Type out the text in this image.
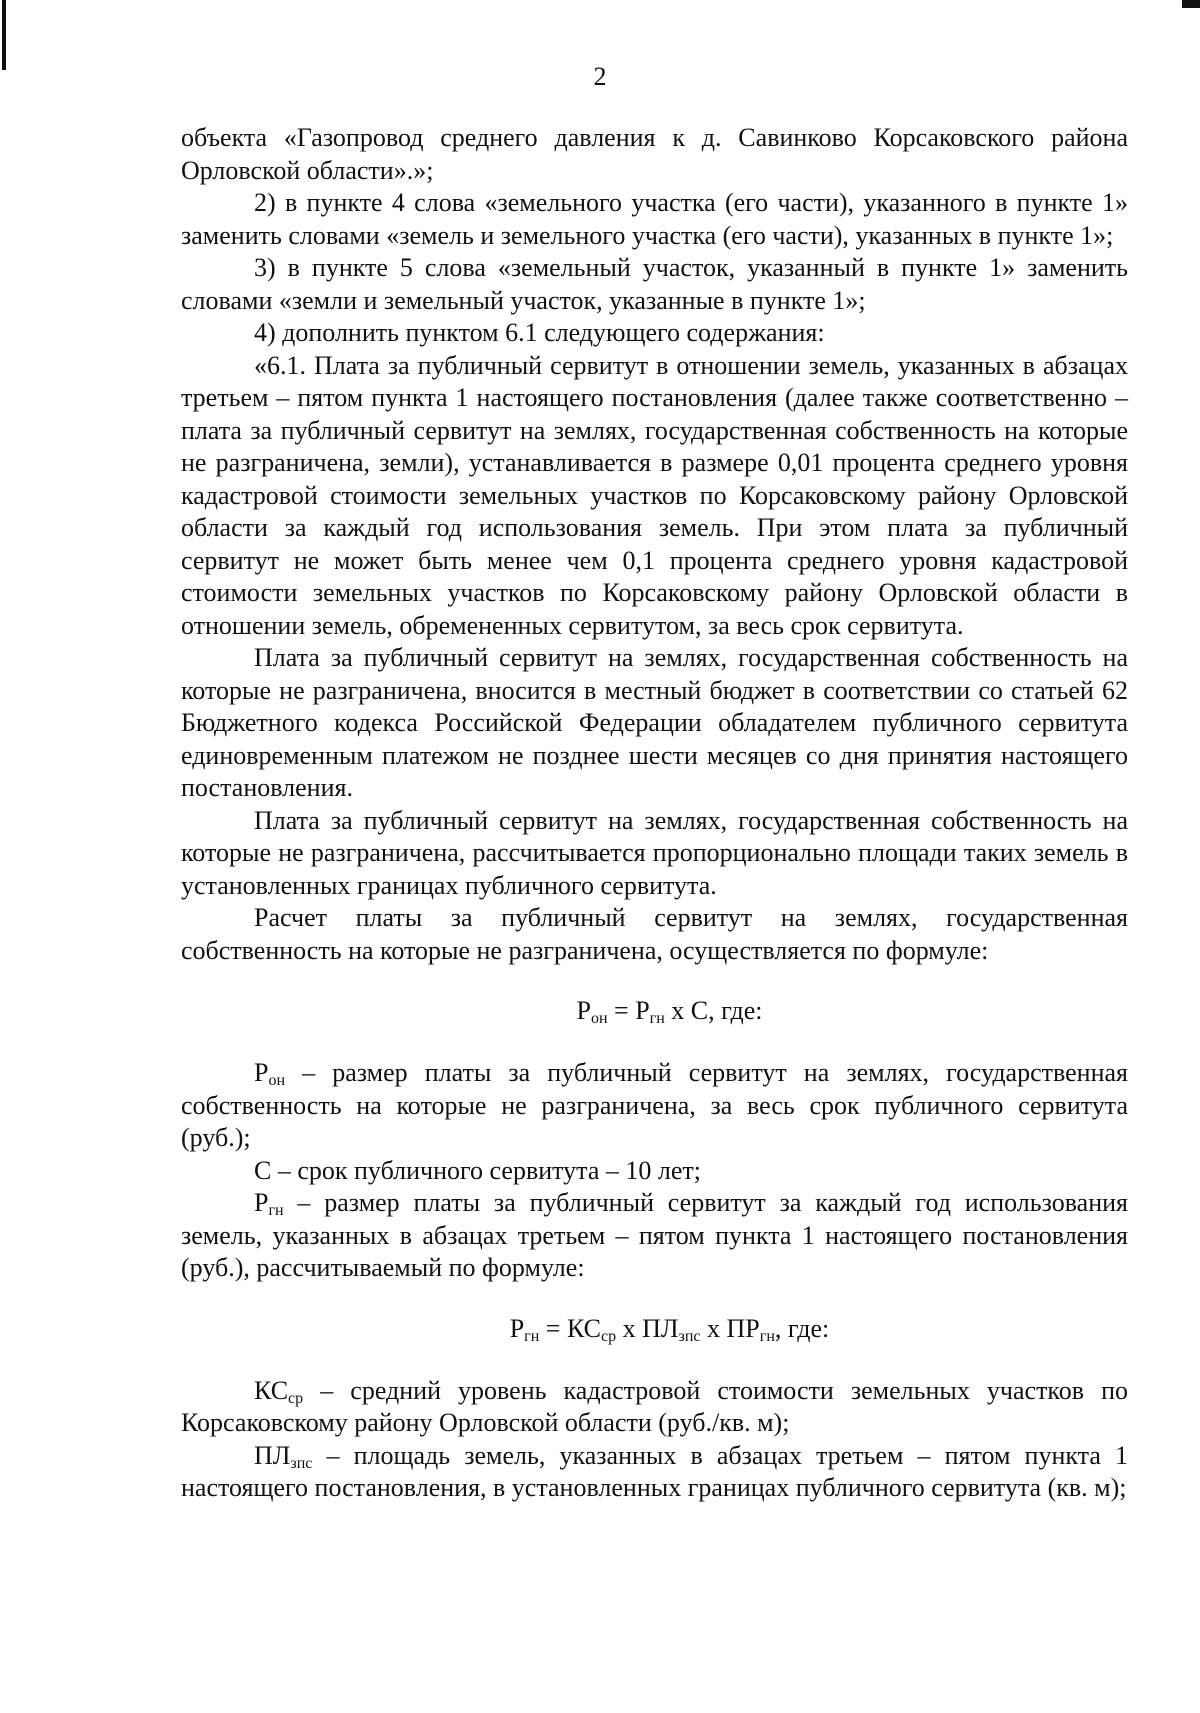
2

объекта «Газопровод среднего давления к д. Савинково Корсаковского района Орловской области».»;

2) в пункте 4 слова «земельного участка (его части), указанного в пункте 1» заменить словами «земель и земельного участка (его части), указанных в пункте 1»;

3) в пункте 5 слова «земельный участок, указанный в пункте 1» заменить словами «земли и земельный участок, указанные в пункте 1»;

4) дополнить пунктом 6.1 следующего содержания:

«6.1. Плата за публичный сервитут в отношении земель, указанных в абзацах третьем – пятом пункта 1 настоящего постановления (далее также соответственно – плата за публичный сервитут на землях, государственная собственность на которые не разграничена, земли), устанавливается в размере 0,01 процента среднего уровня кадастровой стоимости земельных участков по Корсаковскому району Орловской области за каждый год использования земель. При этом плата за публичный сервитут не может быть менее чем 0,1 процента среднего уровня кадастровой стоимости земельных участков по Корсаковскому району Орловской области в отношении земель, обремененных сервитутом, за весь срок сервитута.

Плата за публичный сервитут на землях, государственная собственность на которые не разграничена, вносится в местный бюджет в соответствии со статьей 62 Бюджетного кодекса Российской Федерации обладателем публичного сервитута единовременным платежом не позднее шести месяцев со дня принятия настоящего постановления.

Плата за публичный сервитут на землях, государственная собственность на которые не разграничена, рассчитывается пропорционально площади таких земель в установленных границах публичного сервитута.

Расчет платы за публичный сервитут на землях, государственная собственность на которые не разграничена, осуществляется по формуле:

$Р_{он} = Р_{гн}$ х С, где:

$Р_{он}$ – размер платы за публичный сервитут на землях, государственная собственность на которые не разграничена, за весь срок публичного сервитута (руб.);

С – срок публичного сервитута – 10 лет;

$Р_{гн}$ – размер платы за публичный сервитут за каждый год использования земель, указанных в абзацах третьем – пятом пункта 1 настоящего постановления (руб.), рассчитываемый по формуле:

$Р_{гн} = КС_{ср}$ х $ПЛ_{зпс}$ х $ПР_{гн}$, где:

$КС_{ср}$ – средний уровень кадастровой стоимости земельных участков по Корсаковскому району Орловской области (руб./кв. м);

$ПЛ_{зпс}$ – площадь земель, указанных в абзацах третьем – пятом пункта 1 настоящего постановления, в установленных границах публичного сервитута (кв. м);
